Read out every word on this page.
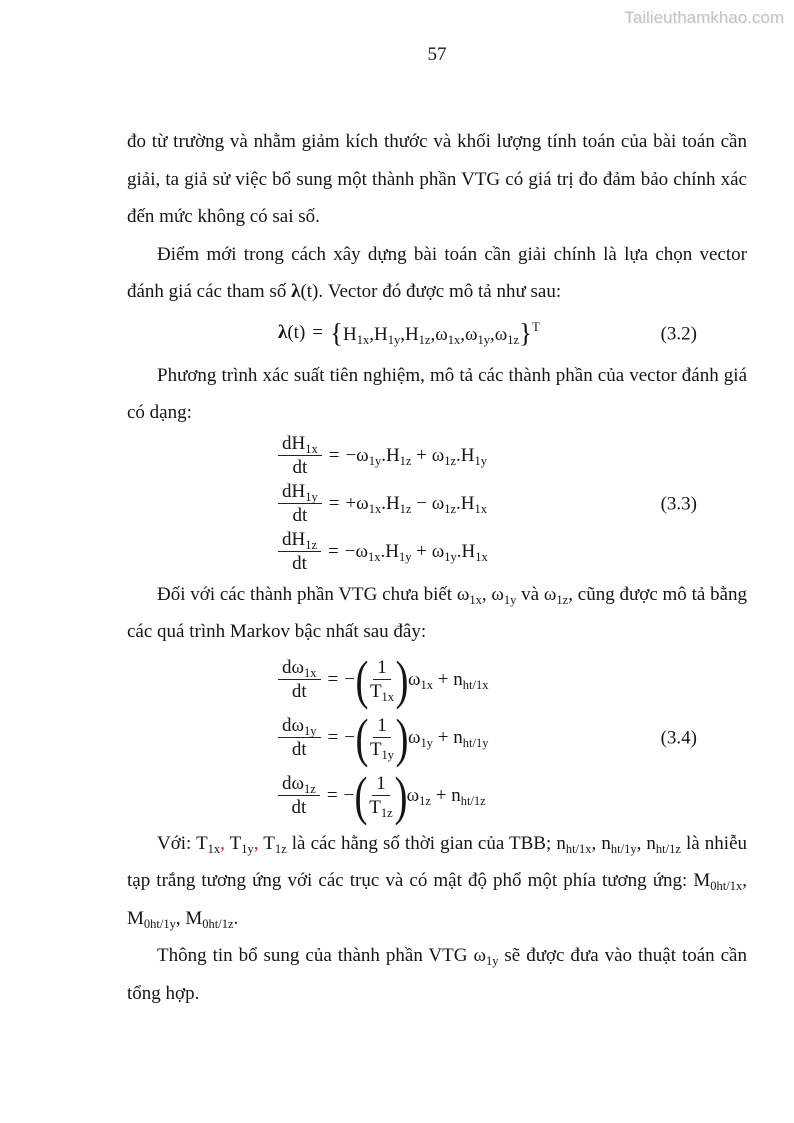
Tailieuthamkhao.com
57

đo từ trường và nhằm giảm kích thước và khối lượng tính toán của bài toán cần giải, ta giả sử việc bổ sung một thành phần VTG có giá trị đo đảm bảo chính xác đến mức không có sai số.

Điểm mới trong cách xây dựng bài toán cần giải chính là lựa chọn vector đánh giá các tham số λ(t). Vector đó được mô tả như sau:

$\lambda(t) = \{H_{1x},H_{1y},H_{1z},\omega_{1x},\omega_{1y},\omega_{1z}\}^T$	(3.2)

Phương trình xác suất tiên nghiệm, mô tả các thành phần của vector đánh giá có dạng:

$\frac{dH_{1x}}{dt} = -\omega_{1y}.H_{1z} + \omega_{1z}.H_{1y}$
$\frac{dH_{1y}}{dt} = +\omega_{1x}.H_{1z} - \omega_{1z}.H_{1x}$
$\frac{dH_{1z}}{dt} = -\omega_{1x}.H_{1y} + \omega_{1y}.H_{1x}$
(3.3)

Đối với các thành phần VTG chưa biết $\omega_{1x}$, $\omega_{1y}$ và $\omega_{1z}$, cũng được mô tả bằng các quá trình Markov bậc nhất sau đây:

$\frac{d\omega_{1x}}{dt}$ = − ( $\frac{1}{T_{1x}}$ ) $\omega_{1x} + n_{ht/1x}$
$\frac{d\omega_{1y}}{dt}$ = − ( $\frac{1}{T_{1y}}$ ) $\omega_{1y} + n_{ht/1y}$
$\frac{d\omega_{1z}}{dt}$ = − ( $\frac{1}{T_{1z}}$ ) $\omega_{1z} + n_{ht/1z}$
(3.4)

Với: $T_{1x}$, $T_{1y}$, $T_{1z}$ là các hằng số thời gian của TBB; $n_{ht/1x}$, $n_{ht/1y}$, $n_{ht/1z}$ là nhiễu tạp trắng tương ứng với các trục và có mật độ phổ một phía tương ứng: $M_{0ht/1x}$, $M_{0ht/1y}$, $M_{0ht/1z}$.

Thông tin bổ sung của thành phần VTG $\omega_{1y}$ sẽ được đưa vào thuật toán cần tổng hợp.
